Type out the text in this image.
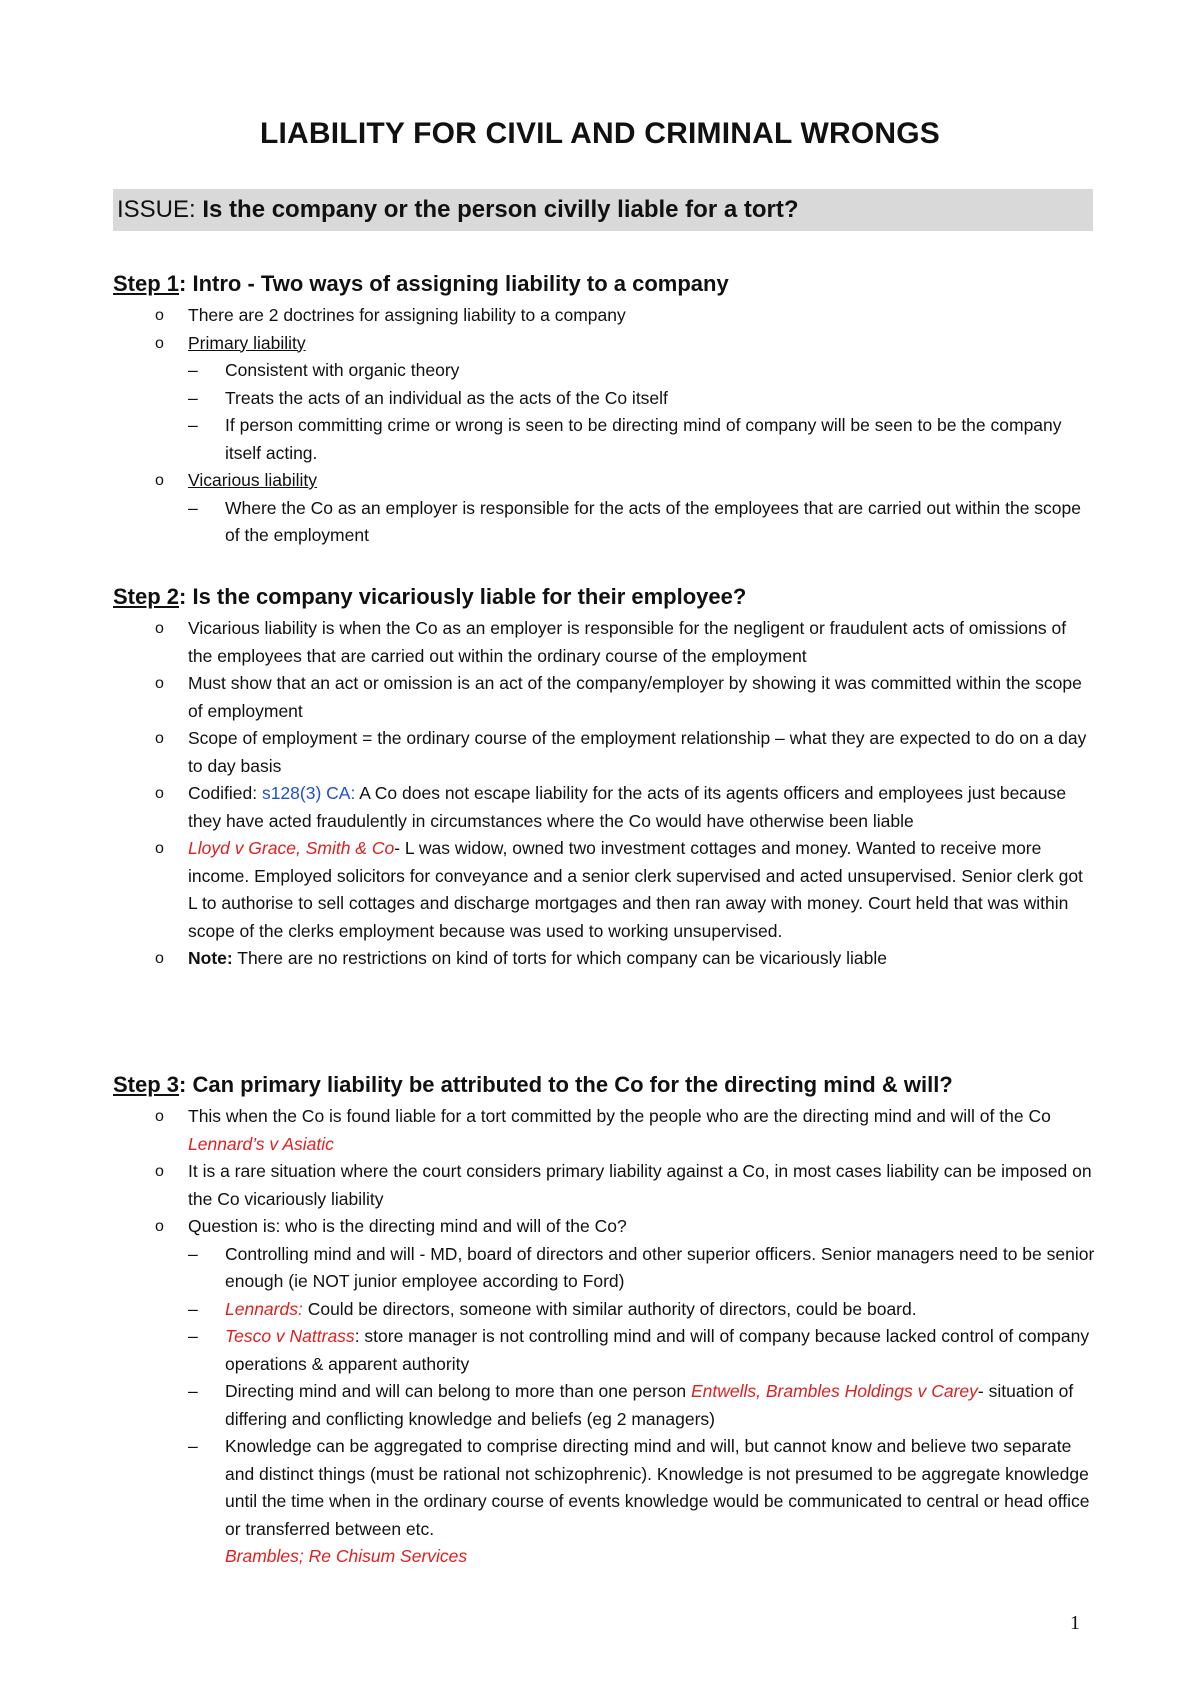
LIABILITY FOR CIVIL AND CRIMINAL WRONGS
ISSUE: Is the company or the person civilly liable for a tort?
Step 1: Intro - Two ways of assigning liability to a company
o There are 2 doctrines for assigning liability to a company
o Primary liability
– Consistent with organic theory
– Treats the acts of an individual as the acts of the Co itself
– If person committing crime or wrong is seen to be directing mind of company will be seen to be the company itself acting.
o Vicarious liability
– Where the Co as an employer is responsible for the acts of the employees that are carried out within the scope of the employment
Step 2: Is the company vicariously liable for their employee?
o Vicarious liability is when the Co as an employer is responsible for the negligent or fraudulent acts of omissions of the employees that are carried out within the ordinary course of the employment
o Must show that an act or omission is an act of the company/employer by showing it was committed within the scope of employment
o Scope of employment = the ordinary course of the employment relationship – what they are expected to do on a day to day basis
o Codified: s128(3) CA: A Co does not escape liability for the acts of its agents officers and employees just because they have acted fraudulently in circumstances where the Co would have otherwise been liable
o Lloyd v Grace, Smith & Co- L was widow, owned two investment cottages and money. Wanted to receive more income. Employed solicitors for conveyance and a senior clerk supervised and acted unsupervised. Senior clerk got L to authorise to sell cottages and discharge mortgages and then ran away with money. Court held that was within scope of the clerks employment because was used to working unsupervised.
o Note: There are no restrictions on kind of torts for which company can be vicariously liable
Step 3: Can primary liability be attributed to the Co for the directing mind & will?
o This when the Co is found liable for a tort committed by the people who are the directing mind and will of the Co Lennard’s v Asiatic
o It is a rare situation where the court considers primary liability against a Co, in most cases liability can be imposed on the Co vicariously liability
o Question is: who is the directing mind and will of the Co?
– Controlling mind and will - MD, board of directors and other superior officers. Senior managers need to be senior enough (ie NOT junior employee according to Ford)
– Lennards: Could be directors, someone with similar authority of directors, could be board.
– Tesco v Nattrass: store manager is not controlling mind and will of company because lacked control of company operations & apparent authority
– Directing mind and will can belong to more than one person Entwells, Brambles Holdings v Carey- situation of differing and conflicting knowledge and beliefs (eg 2 managers)
– Knowledge can be aggregated to comprise directing mind and will, but cannot know and believe two separate and distinct things (must be rational not schizophrenic). Knowledge is not presumed to be aggregate knowledge until the time when in the ordinary course of events knowledge would be communicated to central or head office or transferred between etc.
Brambles; Re Chisum Services
1
